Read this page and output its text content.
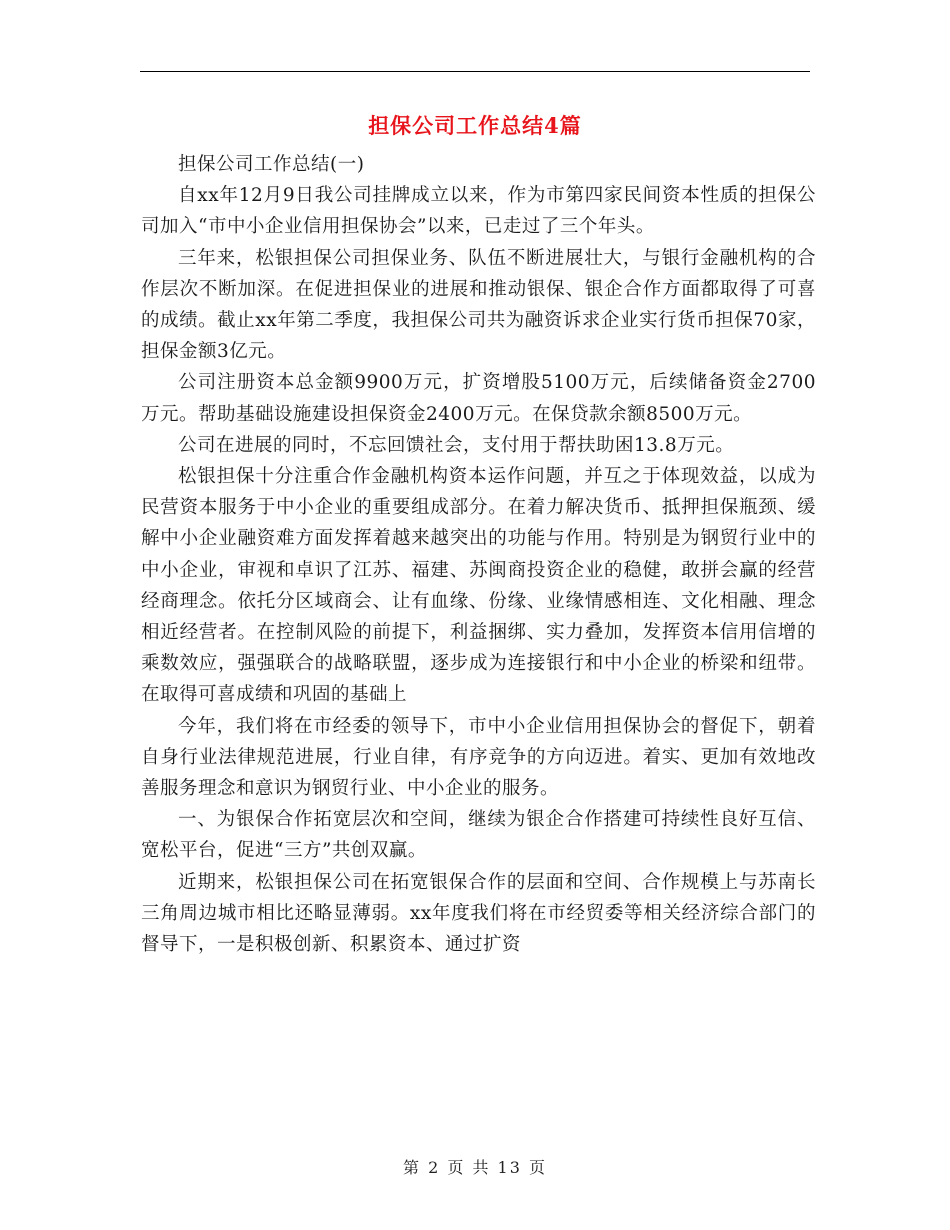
担保公司工作总结4篇

担保公司工作总结(一)

自xx年12月9日我公司挂牌成立以来，作为市第四家民间资本性质的担保公司加入“市中小企业信用担保协会”以来，已走过了三个年头。

三年来，松银担保公司担保业务、队伍不断进展壮大，与银行金融机构的合作层次不断加深。在促进担保业的进展和推动银保、银企合作方面都取得了可喜的成绩。截止xx年第二季度，我担保公司共为融资诉求企业实行货币担保70家，担保金额3亿元。

公司注册资本总金额9900万元，扩资增股5100万元，后续储备资金2700万元。帮助基础设施建设担保资金2400万元。在保贷款余额8500万元。

公司在进展的同时，不忘回馈社会，支付用于帮扶助困13.8万元。

松银担保十分注重合作金融机构资本运作问题，并互之于体现效益，以成为民营资本服务于中小企业的重要组成部分。在着力解决货币、抵押担保瓶颈、缓解中小企业融资难方面发挥着越来越突出的功能与作用。特别是为钢贸行业中的中小企业，审视和卓识了江苏、福建、苏闽商投资企业的稳健，敢拼会赢的经营经商理念。依托分区域商会、让有血缘、份缘、业缘情感相连、文化相融、理念相近经营者。在控制风险的前提下，利益捆绑、实力叠加，发挥资本信用信增的乘数效应，强强联合的战略联盟，逐步成为连接银行和中小企业的桥梁和纽带。在取得可喜成绩和巩固的基础上

今年，我们将在市经委的领导下，市中小企业信用担保协会的督促下，朝着自身行业法律规范进展，行业自律，有序竞争的方向迈进。着实、更加有效地改善服务理念和意识为钢贸行业、中小企业的服务。

一、为银保合作拓宽层次和空间，继续为银企合作搭建可持续性良好互信、宽松平台，促进“三方”共创双赢。

近期来，松银担保公司在拓宽银保合作的层面和空间、合作规模上与苏南长三角周边城市相比还略显薄弱。xx年度我们将在市经贸委等相关经济综合部门的督导下，一是积极创新、积累资本、通过扩资

第 2 页 共 13 页
